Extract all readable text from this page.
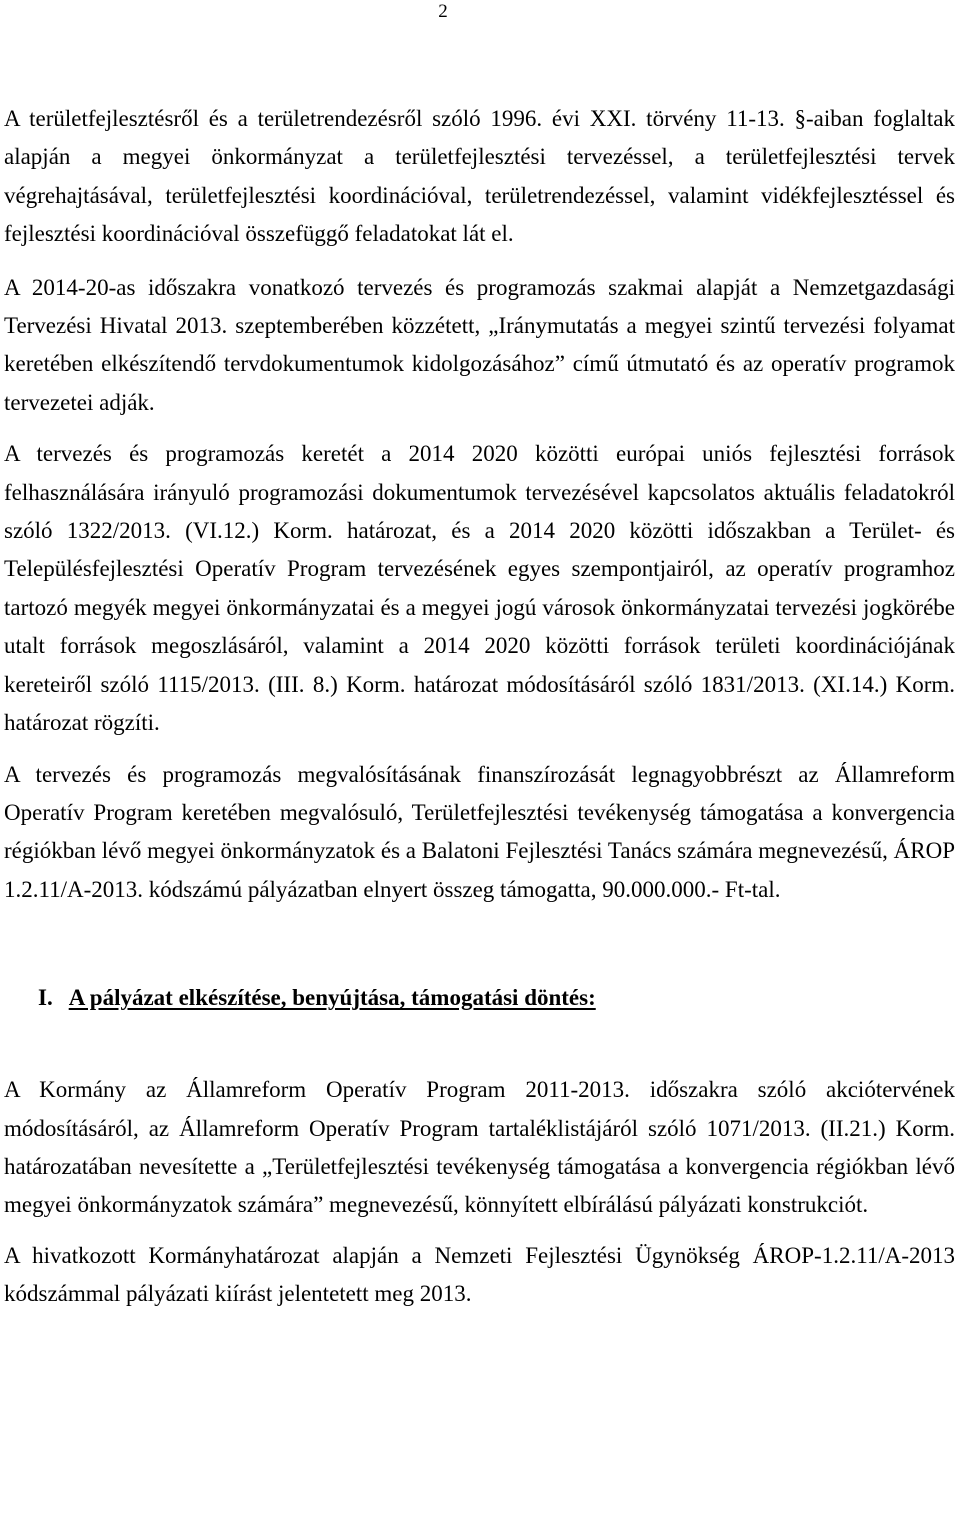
2

A területfejlesztésről és a területrendezésről szóló 1996. évi XXI. törvény 11-13. §-aiban foglaltak alapján a megyei önkormányzat a területfejlesztési tervezéssel, a területfejlesztési tervek végrehajtásával, területfejlesztési koordinációval, területrendezéssel, valamint vidékfejlesztéssel és fejlesztési koordinációval összefüggő feladatokat lát el.

A 2014-20-as időszakra vonatkozó tervezés és programozás szakmai alapját a Nemzetgazdasági Tervezési Hivatal 2013. szeptemberében közzétett, „Iránymutatás a megyei szintű tervezési folyamat keretében elkészítendő tervdokumentumok kidolgozásához” című útmutató és az operatív programok tervezetei adják.

A tervezés és programozás keretét a 2014 2020 közötti európai uniós fejlesztési források felhasználására irányuló programozási dokumentumok tervezésével kapcsolatos aktuális feladatokról szóló 1322/2013. (VI.12.) Korm. határozat, és a 2014 2020 közötti időszakban a Terület- és Településfejlesztési Operatív Program tervezésének egyes szempontjairól, az operatív programhoz tartozó megyék megyei önkormányzatai és a megyei jogú városok önkormányzatai tervezési jogkörébe utalt források megoszlásáról, valamint a 2014 2020 közötti források területi koordinációjának kereteiről szóló 1115/2013. (III. 8.) Korm. határozat módosításáról szóló 1831/2013. (XI.14.) Korm. határozat rögzíti.

A tervezés és programozás megvalósításának finanszírozását legnagyobbrészt az Államreform Operatív Program keretében megvalósuló, Területfejlesztési tevékenység támogatása a konvergencia régiókban lévő megyei önkormányzatok és a Balatoni Fejlesztési Tanács számára megnevezésű, ÁROP 1.2.11/A-2013. kódszámú pályázatban elnyert összeg támogatta, 90.000.000.- Ft-tal.

I. A pályázat elkészítése, benyújtása, támogatási döntés:

A Kormány az Államreform Operatív Program 2011-2013. időszakra szóló akciótervének módosításáról, az Államreform Operatív Program tartaléklistájáról szóló 1071/2013. (II.21.) Korm. határozatában nevesítette a „Területfejlesztési tevékenység támogatása a konvergencia régiókban lévő megyei önkormányzatok számára” megnevezésű, könnyített elbírálású pályázati konstrukciót.

A hivatkozott Kormányhatározat alapján a Nemzeti Fejlesztési Ügynökség ÁROP-1.2.11/A-2013 kódszámmal pályázati kiírást jelentetett meg 2013.
